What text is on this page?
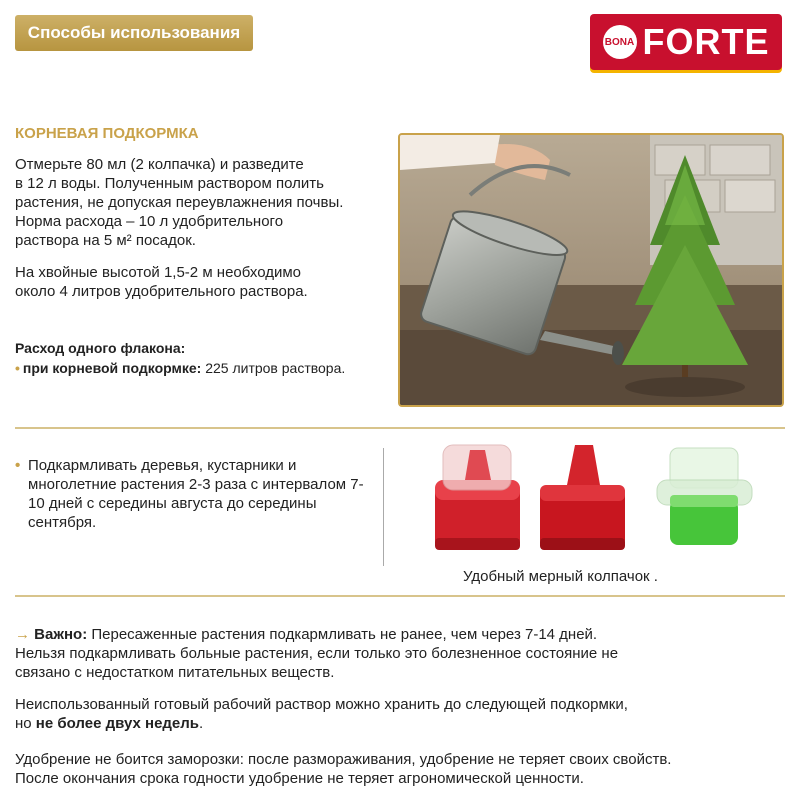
Способы использования	BONA FORTE
КОРНЕВАЯ ПОДКОРМКА

Отмерьте 80 мл (2 колпачка) и разведите
в 12 л воды. Полученным раствором полить
растения, не допуская переувлажнения почвы.
Норма расхода – 10 л удобрительного
раствора на 5 м² посадок.

На хвойные высотой 1,5-2 м необходимо
около 4 литров удобрительного раствора.

Расход одного флакона:
• при корневой подкормке: 225 литров раствора.
• Подкармливать деревья, кустарники и многолетние растения 2-3 раза с интервалом 7-10 дней с середины августа до середины сентября.
Удобный мерный колпачок .
→ Важно: Пересаженные растения подкармливать не ранее, чем через 7-14 дней.
Нельзя подкармливать больные растения, если только это болезненное состояние не
связано с недостатком питательных веществ.
Неиспользованный готовый рабочий раствор можно хранить до следующей подкормки,
но не более двух недель.
Удобрение не боится заморозки: после размораживания, удобрение не теряет своих свойств.
После окончания срока годности удобрение не теряет агрономической ценности.
